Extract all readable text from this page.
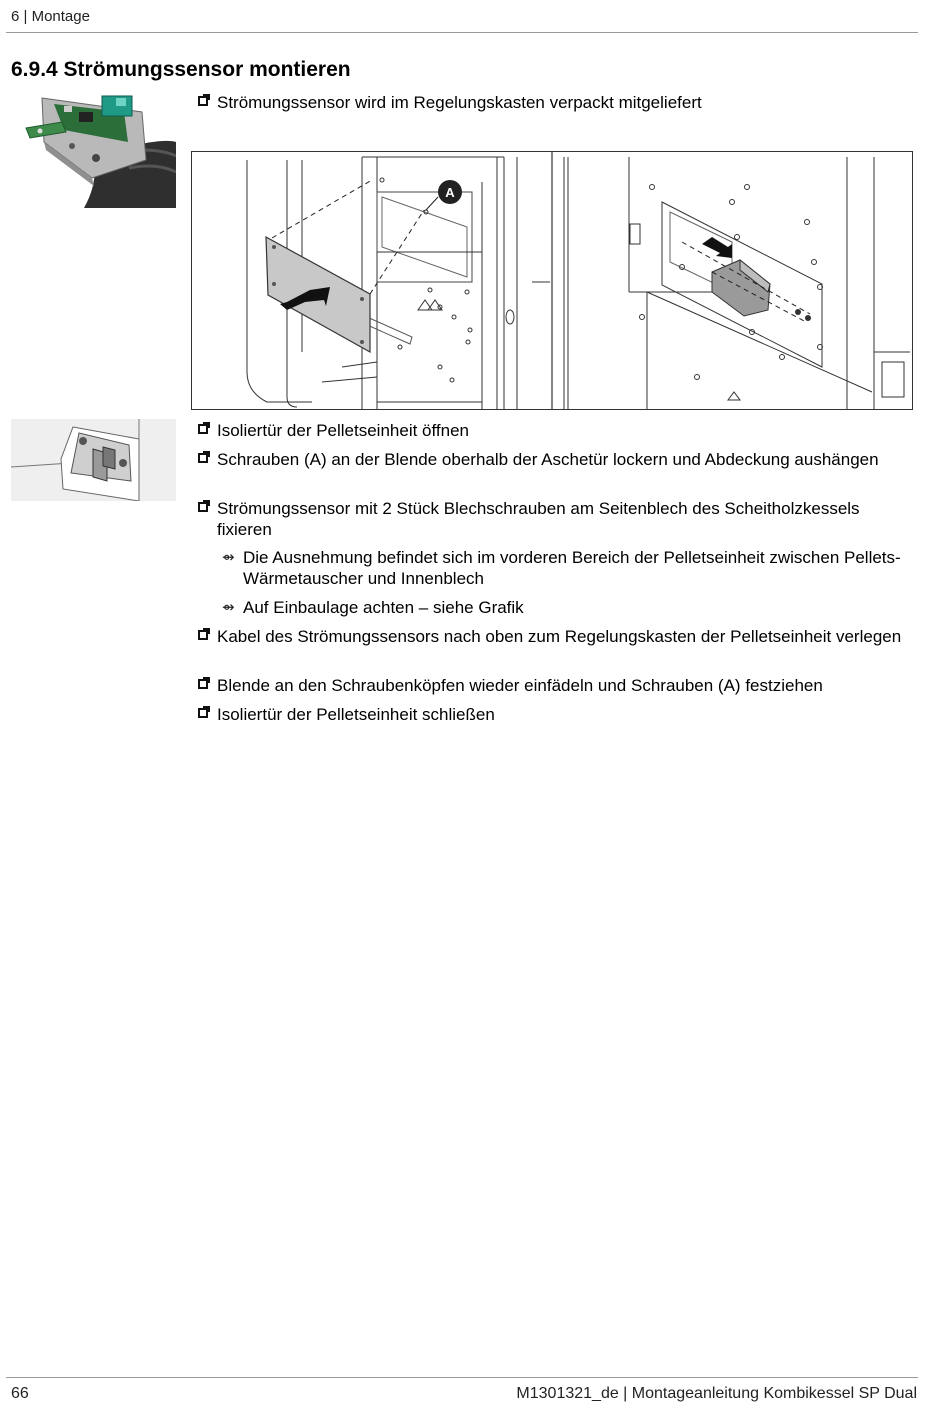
6 | Montage
6.9.4 Strömungssensor montieren
Strömungssensor wird im Regelungskasten verpackt mitgeliefert
A
Isoliertür der Pelletseinheit öffnen
Schrauben (A) an der Blende oberhalb der Aschetür lockern und Abdeckung aushängen
Strömungssensor mit 2 Stück Blechschrauben am Seitenblech des Scheitholzkessels fixieren
⇴ Die Ausnehmung befindet sich im vorderen Bereich der Pelletseinheit zwischen Pellets-Wärmetauscher und Innenblech
⇴ Auf Einbaulage achten – siehe Grafik
Kabel des Strömungssensors nach oben zum Regelungskasten der Pelletseinheit verlegen
Blende an den Schraubenköpfen wieder einfädeln und Schrauben (A) festziehen
Isoliertür der Pelletseinheit schließen
66	M1301321_de | Montageanleitung Kombikessel SP Dual
